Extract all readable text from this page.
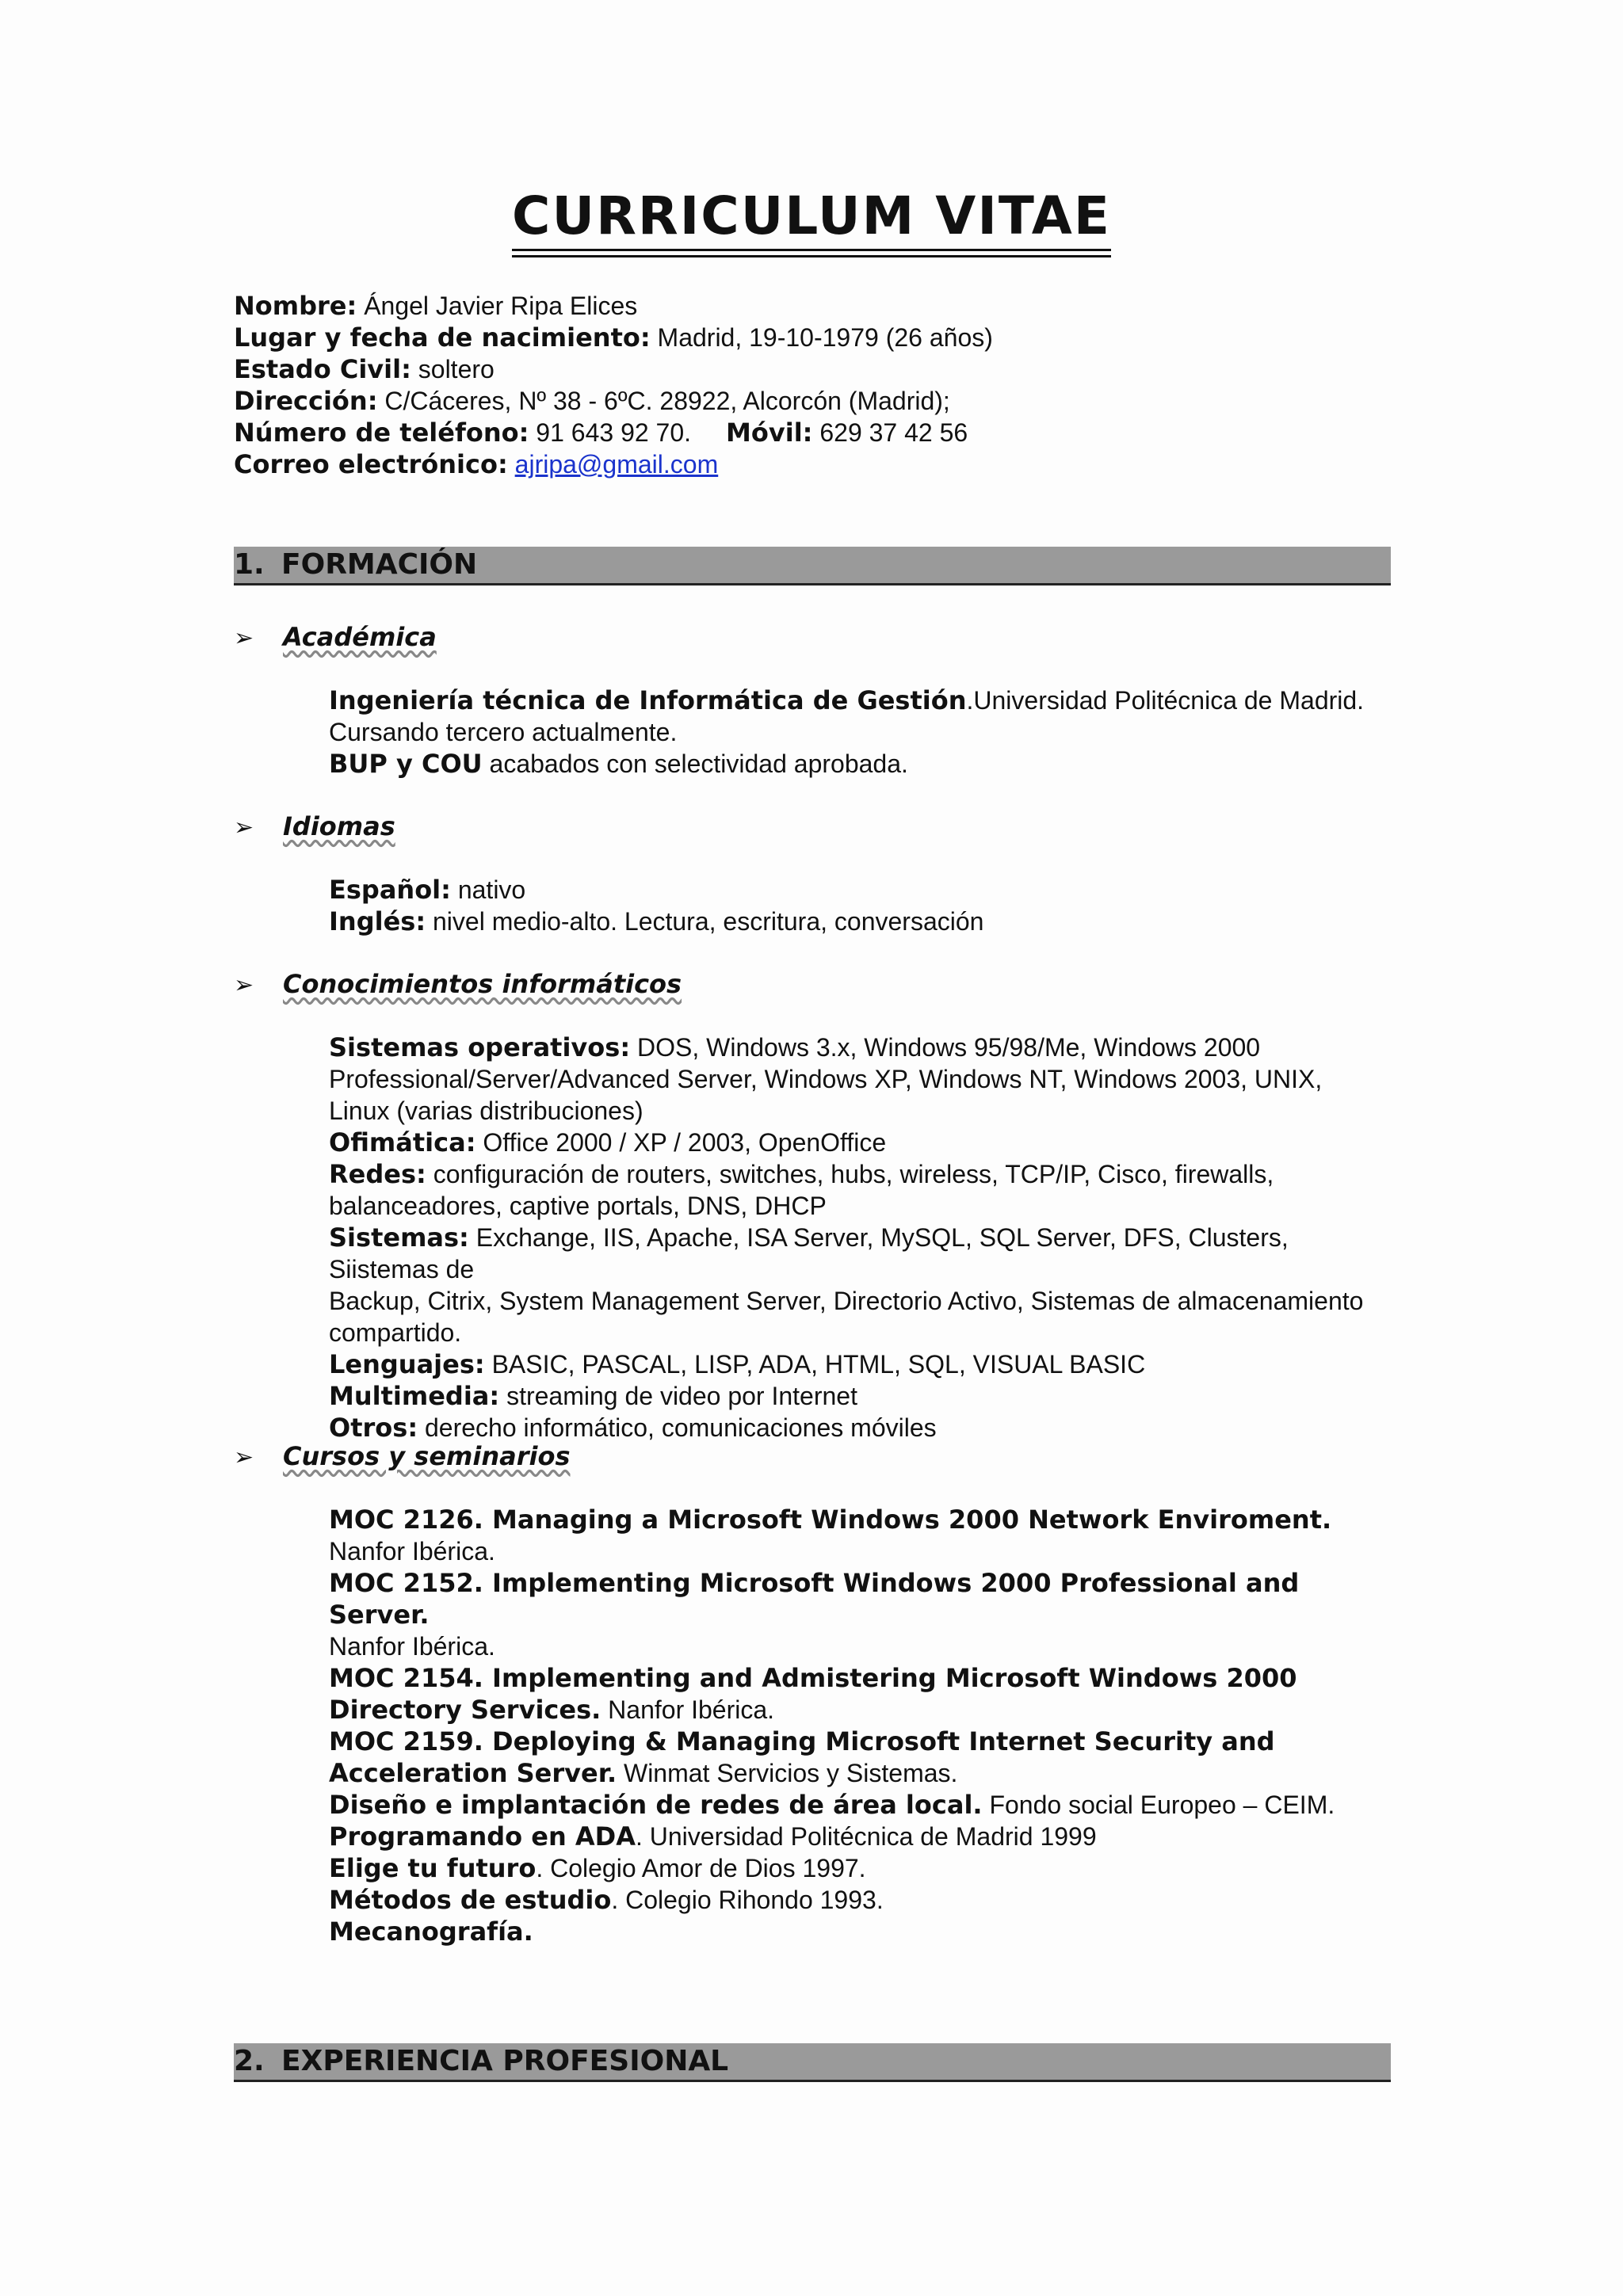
CURRICULUM VITAE
Nombre: Ángel Javier Ripa Elices
Lugar y fecha de nacimiento: Madrid, 19-10-1979 (26 años)
Estado Civil: soltero
Dirección: C/Cáceres, Nº 38 - 6ºC. 28922, Alcorcón (Madrid);
Número de teléfono: 91 643 92 70. Móvil: 629 37 42 56
Correo electrónico: ajripa@gmail.com
1. FORMACIÓN
➢ Académica

Ingeniería técnica de Informática de Gestión.Universidad Politécnica de Madrid.

Cursando tercero actualmente.

BUP y COU acabados con selectividad aprobada.

➢ Idiomas

Español: nativo

Inglés: nivel medio-alto. Lectura, escritura, conversación

➢ Conocimientos informáticos

Sistemas operativos: DOS, Windows 3.x, Windows 95/98/Me, Windows 2000

Professional/Server/Advanced Server, Windows XP, Windows NT, Windows 2003, UNIX,

Linux (varias distribuciones)

Ofimática: Office 2000 / XP / 2003, OpenOffice

Redes: configuración de routers, switches, hubs, wireless, TCP/IP, Cisco, firewalls,

balanceadores, captive portals, DNS, DHCP

Sistemas: Exchange, IIS, Apache, ISA Server, MySQL, SQL Server, DFS, Clusters, Siistemas de

Backup, Citrix, System Management Server, Directorio Activo, Sistemas de almacenamiento

compartido.

Lenguajes: BASIC, PASCAL, LISP, ADA, HTML, SQL, VISUAL BASIC

Multimedia: streaming de video por Internet

Otros: derecho informático, comunicaciones móviles

➢ Cursos y seminarios

MOC 2126. Managing a Microsoft Windows 2000 Network Enviroment.

Nanfor Ibérica.

MOC 2152. Implementing Microsoft Windows 2000 Professional and Server.

Nanfor Ibérica.

MOC 2154. Implementing and Admistering Microsoft Windows 2000

Directory Services. Nanfor Ibérica.

MOC 2159. Deploying & Managing Microsoft Internet Security and

Acceleration Server. Winmat Servicios y Sistemas.

Diseño e implantación de redes de área local. Fondo social Europeo – CEIM.

Programando en ADA. Universidad Politécnica de Madrid 1999

Elige tu futuro. Colegio Amor de Dios 1997.

Métodos de estudio. Colegio Rihondo 1993.

Mecanografía.

2. EXPERIENCIA PROFESIONAL
